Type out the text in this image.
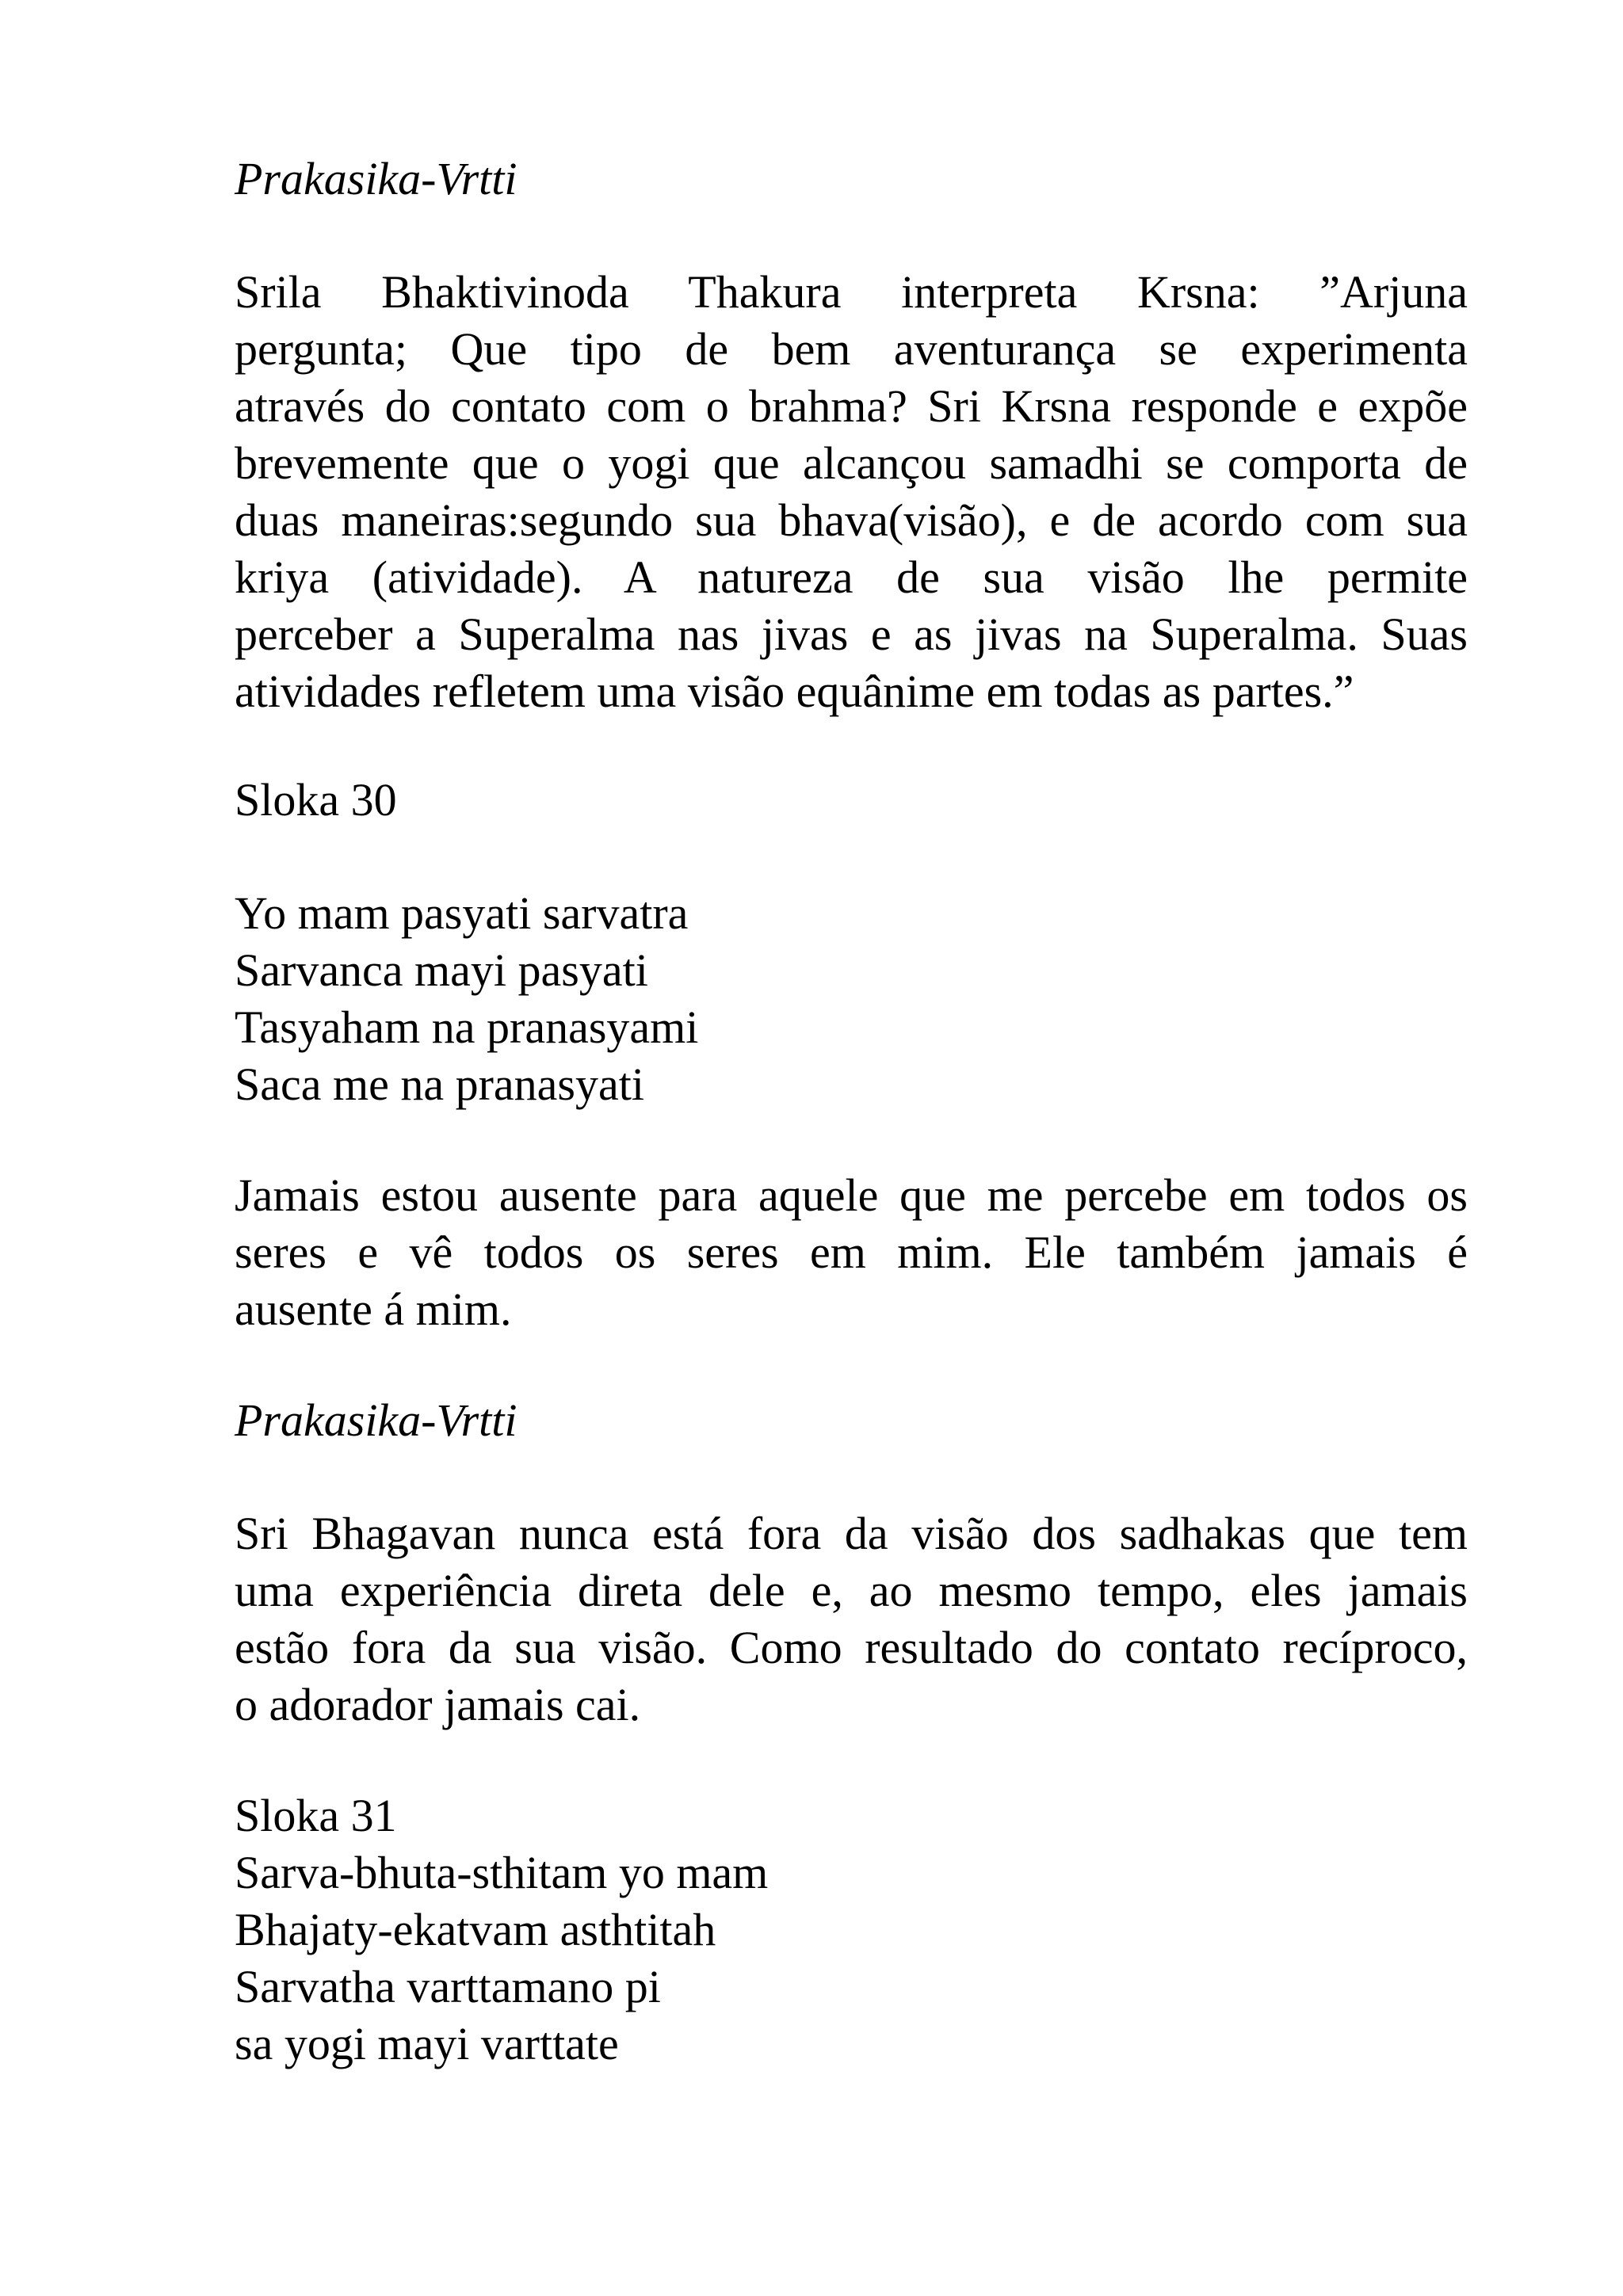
Prakasika-Vrtti
Srila Bhaktivinoda Thakura interpreta Krsna: ”Arjuna
pergunta; Que tipo de bem aventurança se experimenta
através do contato com o brahma? Sri Krsna responde e expõe
brevemente que o yogi que alcançou samadhi se comporta de
duas maneiras:segundo sua bhava(visão), e de acordo com sua
kriya (atividade). A natureza de sua visão lhe permite
perceber a Superalma nas jivas e as jivas na Superalma. Suas
atividades refletem uma visão equânime em todas as partes.”
Sloka 30
Yo mam pasyati sarvatra
Sarvanca mayi pasyati
Tasyaham na pranasyami
Saca me na pranasyati
Jamais estou ausente para aquele que me percebe em todos os
seres e vê todos os seres em mim. Ele também jamais é
ausente á mim.
Prakasika-Vrtti
Sri Bhagavan nunca está fora da visão dos sadhakas que tem
uma experiência direta dele e, ao mesmo tempo, eles jamais
estão fora da sua visão. Como resultado do contato recíproco,
o adorador jamais cai.
Sloka 31
Sarva-bhuta-sthitam yo mam
Bhajaty-ekatvam asthtitah
Sarvatha varttamano pi
sa yogi mayi varttate
